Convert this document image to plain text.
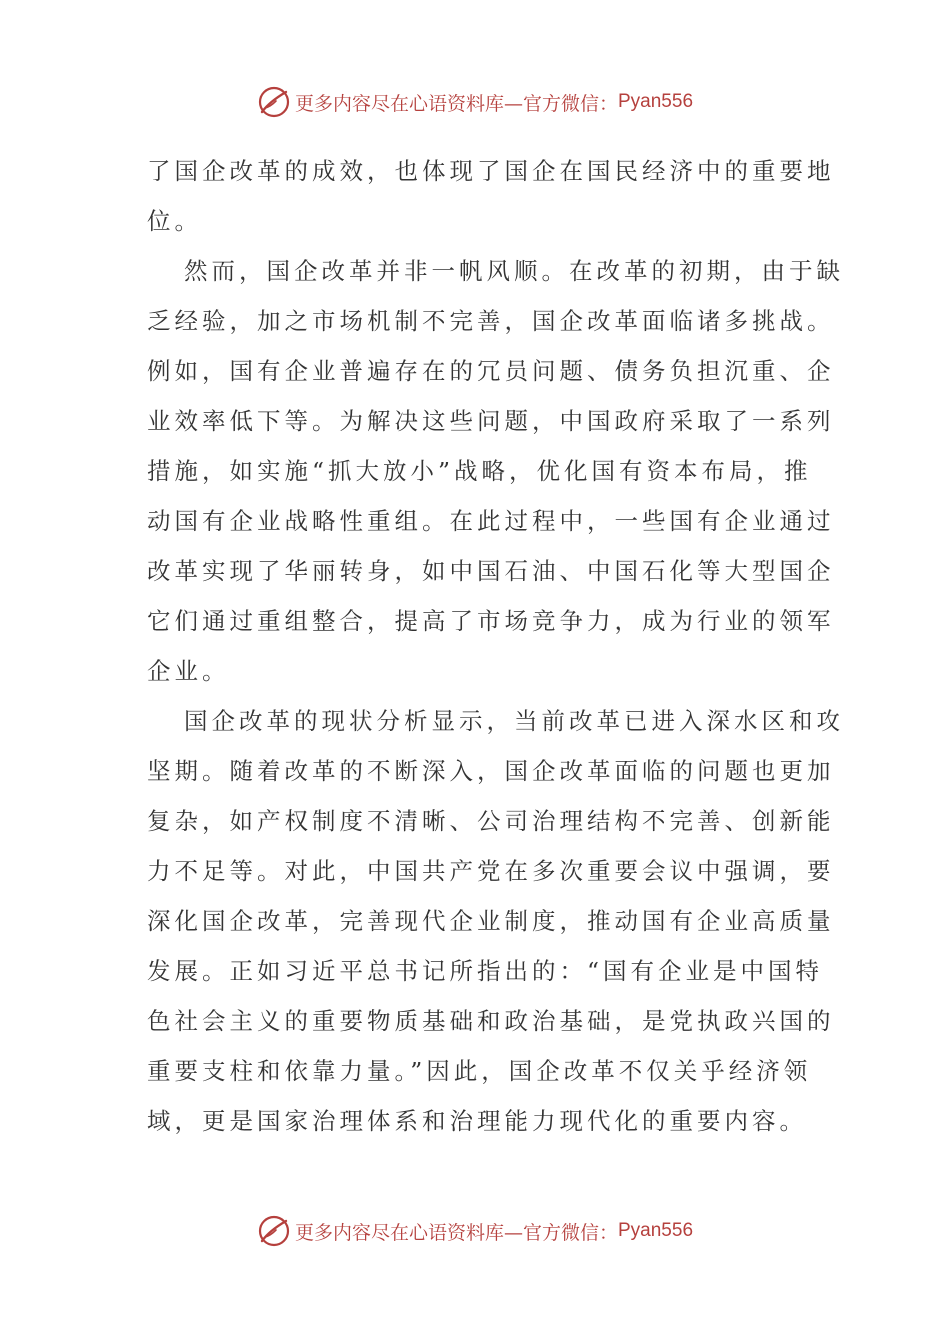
更多内容尽在心语资料库—官方微信： Pyan556

了国企改革的成效，也体现了国企在国民经济中的重要地

位。

然而，国企改革并非一帆风顺。在改革的初期，由于缺

乏经验，加之市场机制不完善，国企改革面临诸多挑战。

例如，国有企业普遍存在的冗员问题、债务负担沉重、企

业效率低下等。为解决这些问题，中国政府采取了一系列

措施，如实施“抓大放小”战略，优化国有资本布局，推

动国有企业战略性重组。在此过程中，一些国有企业通过

改革实现了华丽转身，如中国石油、中国石化等大型国企

它们通过重组整合，提高了市场竞争力，成为行业的领军

企业。

国企改革的现状分析显示，当前改革已进入深水区和攻

坚期。随着改革的不断深入，国企改革面临的问题也更加

复杂，如产权制度不清晰、公司治理结构不完善、创新能

力不足等。对此，中国共产党在多次重要会议中强调，要

深化国企改革，完善现代企业制度，推动国有企业高质量

发展。正如习近平总书记所指出的：“国有企业是中国特

色社会主义的重要物质基础和政治基础，是党执政兴国的

重要支柱和依靠力量。”因此，国企改革不仅关乎经济领

域，更是国家治理体系和治理能力现代化的重要内容。

更多内容尽在心语资料库—官方微信： Pyan556
